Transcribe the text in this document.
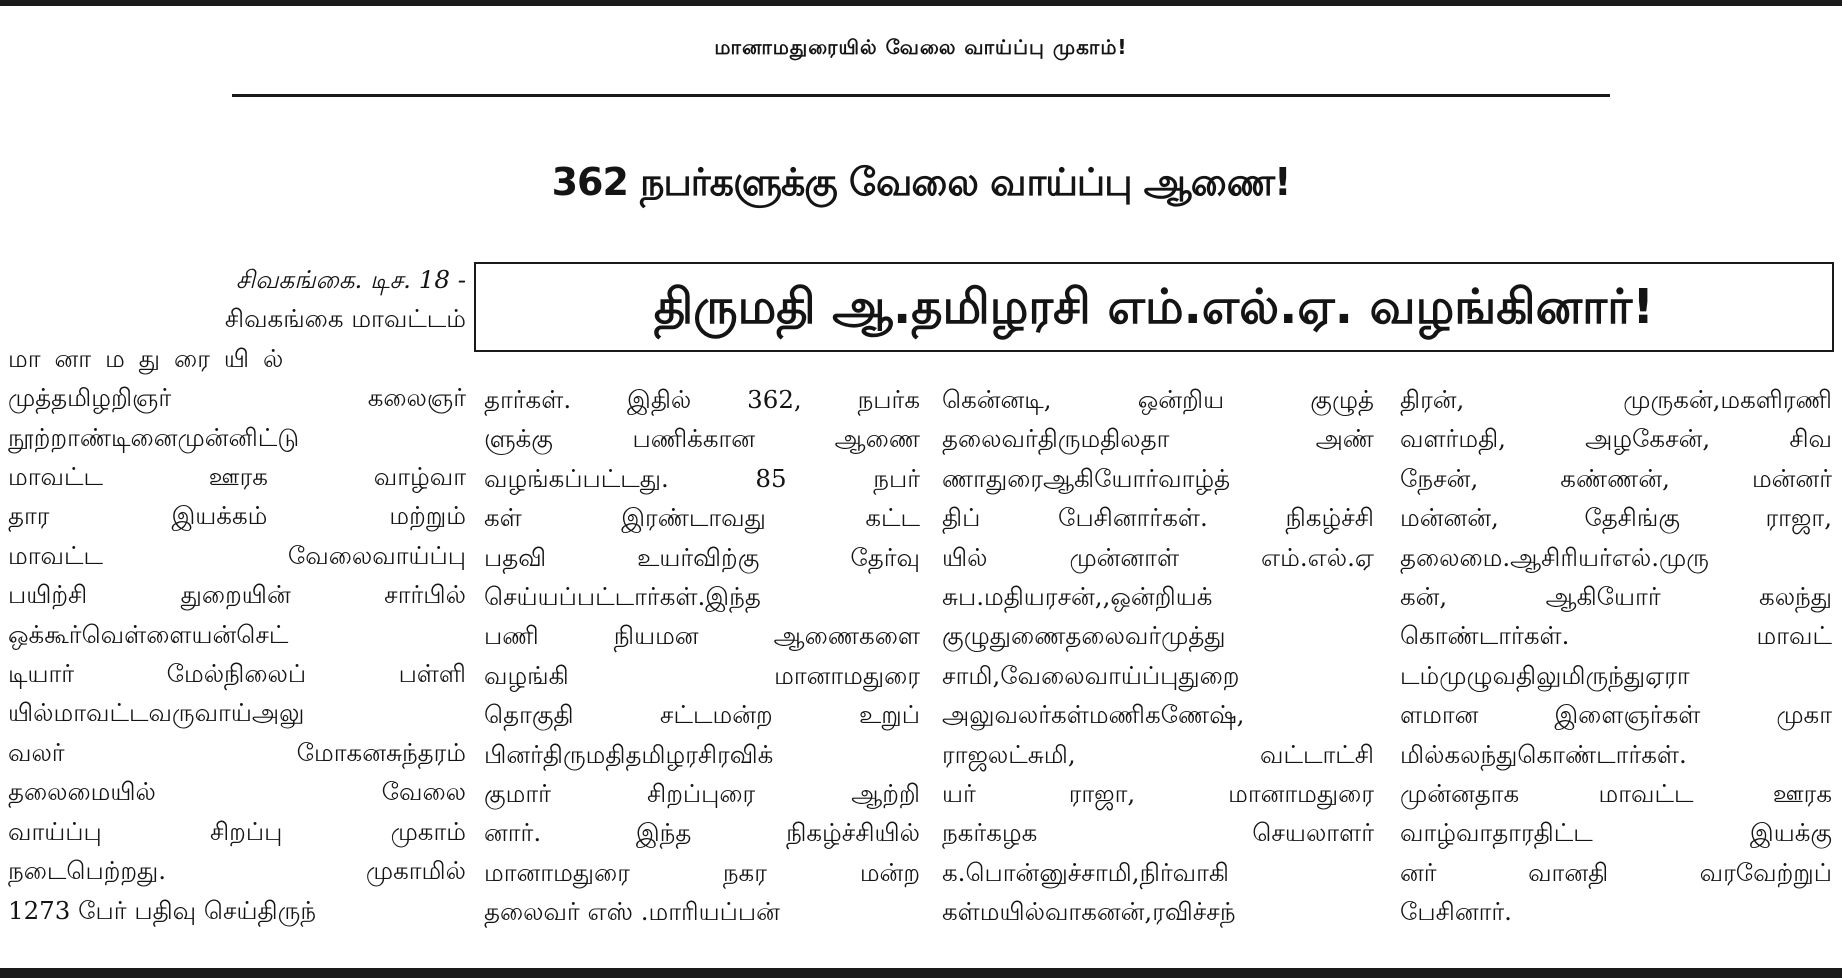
மானாமதுரையில் வேலை வாய்ப்பு முகாம்!
362 நபர்களுக்கு வேலை வாய்ப்பு ஆணை!
திருமதி ஆ.தமிழரசி எம்.எல்.ஏ. வழங்கினார்!
சிவகங்கை. டிச. 18 -
சிவகங்கை மாவட்டம்
மானாமதுரையில்
முத்தமிழறிஞர் கலைஞர்
நூற்றாண்டினைமுன்னிட்டு
மாவட்ட ஊரக வாழ்வா
தார இயக்கம் மற்றும்
மாவட்ட வேலைவாய்ப்பு
பயிற்சி துறையின் சார்பில்
ஒக்கூர்வெள்ளையன்செட்
டியார் மேல்நிலைப் பள்ளி
யில்மாவட்டவருவாய்அலு
வலர் மோகனசுந்தரம்
தலைமையில் வேலை
வாய்ப்பு சிறப்பு முகாம்
நடைபெற்றது. முகாமில்
1273 பேர் பதிவு செய்திருந்
தார்கள். இதில் 362, நபர்க
ளுக்கு பணிக்கான ஆணை
வழங்கப்பட்டது. 85 நபர்
கள் இரண்டாவது கட்ட
பதவி உயர்விற்கு தேர்வு
செய்யப்பட்டார்கள்.இந்த
பணி நியமன ஆணைகளை
வழங்கி மானாமதுரை
தொகுதி சட்டமன்ற உறுப்
பினர்திருமதிதமிழரசிரவிக்
குமார் சிறப்புரை ஆற்றி
னார். இந்த நிகழ்ச்சியில்
மானாமதுரை நகர மன்ற
தலைவர் எஸ் .மாரியப்பன்
கென்னடி, ஒன்றிய குழுத்
தலைவர்திருமதிலதா அண்
ணாதுரைஆகியோர்வாழ்த்
திப் பேசினார்கள். நிகழ்ச்சி
யில் முன்னாள் எம்.எல்.ஏ
சுப.மதியரசன்,,ஒன்றியக்
குழுதுணைதலைவர்முத்து
சாமி,வேலைவாய்ப்புதுறை
அலுவலர்கள்மணிகணேஷ்,
ராஜலட்சுமி, வட்டாட்சி
யர் ராஜா, மானாமதுரை
நகர்கழக செயலாளர்
க.பொன்னுச்சாமி,நிர்வாகி
கள்மயில்வாகனன்,ரவிச்சந்
திரன், முருகன்,மகளிரணி
வளர்மதி, அழகேசன், சிவ
நேசன், கண்ணன், மன்னர்
மன்னன், தேசிங்கு ராஜா,
தலைமை.ஆசிரியர்எல்.முரு
கன், ஆகியோர் கலந்து
கொண்டார்கள். மாவட்
டம்முழுவதிலுமிருந்துஏரா
ளமான இளைஞர்கள் முகா
மில்கலந்துகொண்டார்கள்.
முன்னதாக மாவட்ட ஊரக
வாழ்வாதாரதிட்ட இயக்கு
னர் வானதி வரவேற்றுப்
பேசினார்.
